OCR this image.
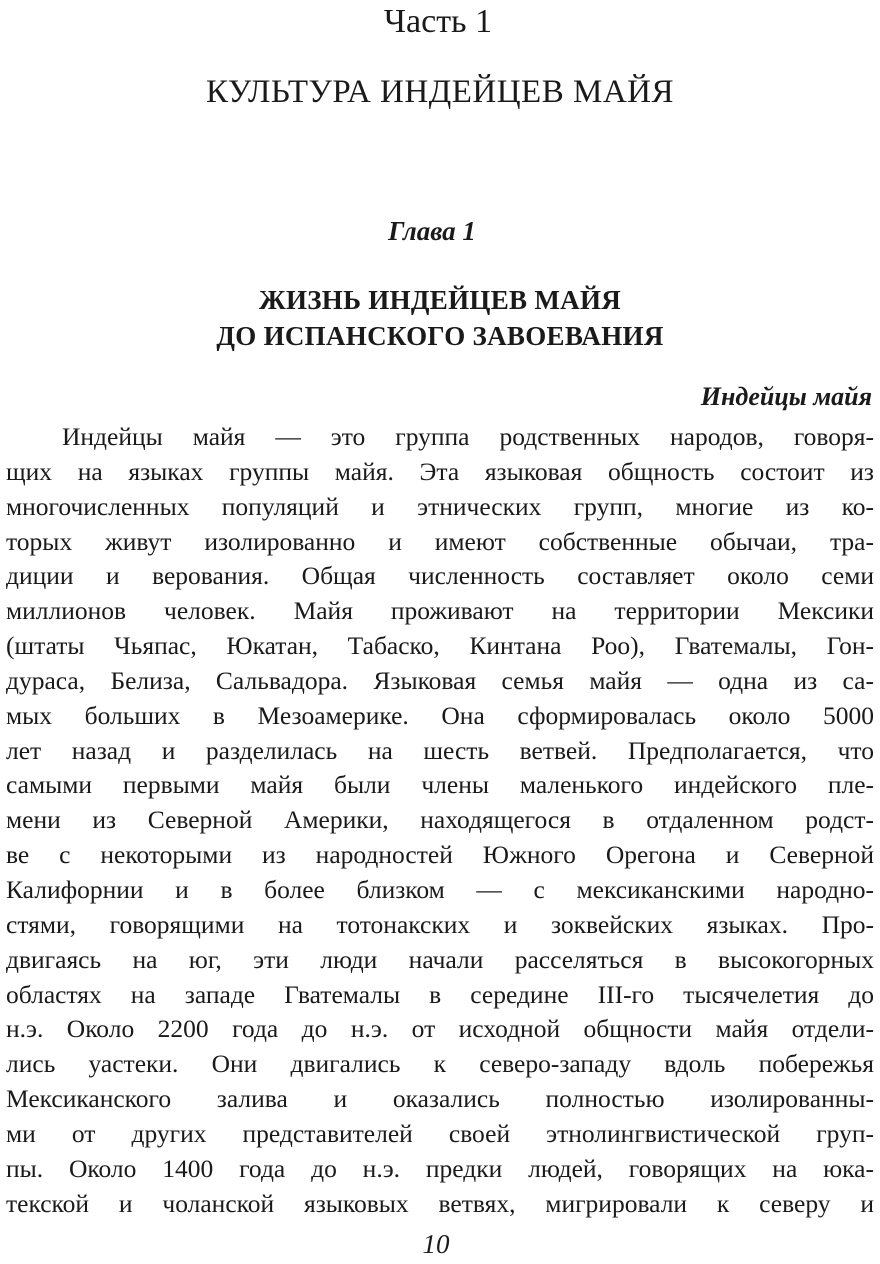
Часть 1
КУЛЬТУРА ИНДЕЙЦЕВ МАЙЯ
Глава 1
ЖИЗНЬ ИНДЕЙЦЕВ МАЙЯ
ДО ИСПАНСКОГО ЗАВОЕВАНИЯ
Индейцы майя
Индейцы майя — это группа родственных народов, говоря-
щих на языках группы майя. Эта языковая общность состоит из
многочисленных популяций и этнических групп, многие из ко-
торых живут изолированно и имеют собственные обычаи, тра-
диции и верования. Общая численность составляет около семи
миллионов человек. Майя проживают на территории Мексики
(штаты Чьяпас, Юкатан, Табаско, Кинтана Роо), Гватемалы, Гон-
дураса, Белиза, Сальвадора. Языковая семья майя — одна из са-
мых больших в Мезоамерике. Она сформировалась около 5000
лет назад и разделилась на шесть ветвей. Предполагается, что
самыми первыми майя были члены маленького индейского пле-
мени из Северной Америки, находящегося в отдаленном родст-
ве с некоторыми из народностей Южного Орегона и Северной
Калифорнии и в более близком — с мексиканскими народно-
стями, говорящими на тотонакских и зоквейских языках. Про-
двигаясь на юг, эти люди начали расселяться в высокогорных
областях на западе Гватемалы в середине III-го тысячелетия до
н.э. Около 2200 года до н.э. от исходной общности майя отдели-
лись уастеки. Они двигались к северо-западу вдоль побережья
Мексиканского залива и оказались полностью изолированны-
ми от других представителей своей этнолингвистической груп-
пы. Около 1400 года до н.э. предки людей, говорящих на юка-
текской и чоланской языковых ветвях, мигрировали к северу и
10
